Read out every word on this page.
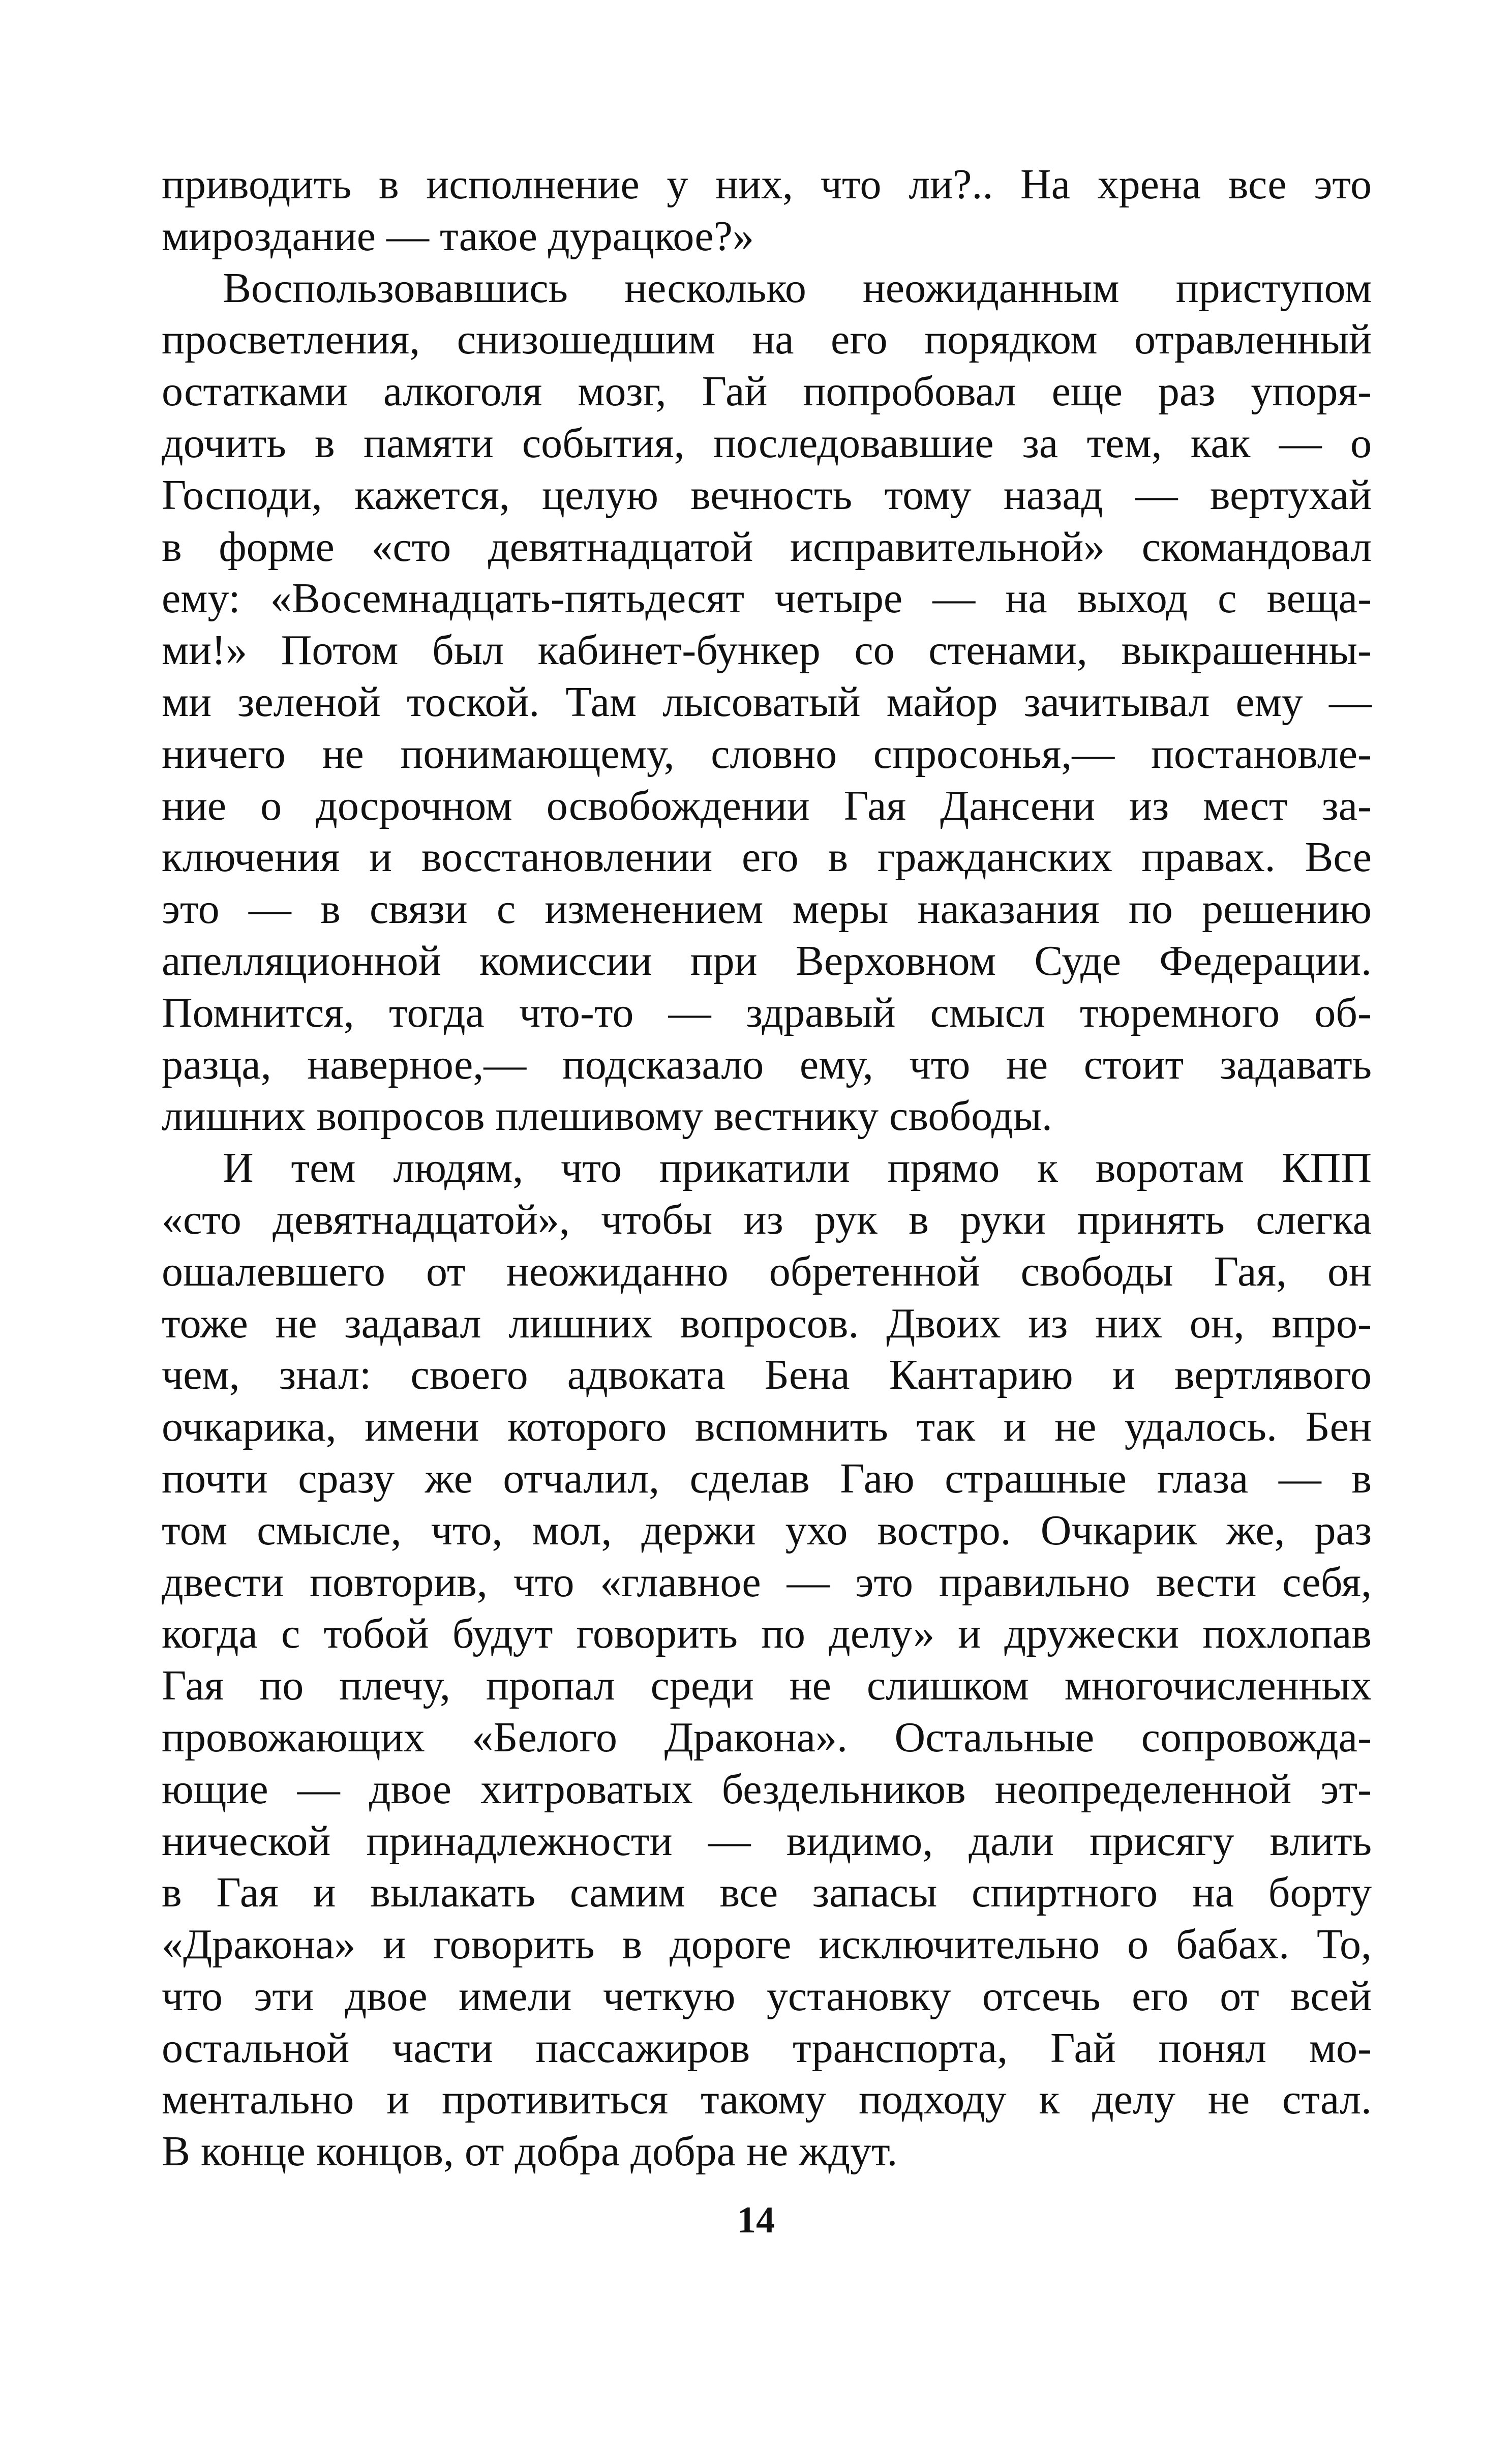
приводить в исполнение у них, что ли?.. На хрена все это
мироздание — такое дурацкое?»
Воспользовавшись несколько неожиданным приступом
просветления, снизошедшим на его порядком отравленный
остатками алкоголя мозг, Гай попробовал еще раз упоря-
дочить в памяти события, последовавшие за тем, как — о
Господи, кажется, целую вечность тому назад — вертухай
в форме «сто девятнадцатой исправительной» скомандовал
ему: «Восемнадцать-пятьдесят четыре — на выход с веща-
ми!» Потом был кабинет-бункер со стенами, выкрашенны-
ми зеленой тоской. Там лысоватый майор зачитывал ему —
ничего не понимающему, словно спросонья,— постановле-
ние о досрочном освобождении Гая Дансени из мест за-
ключения и восстановлении его в гражданских правах. Все
это — в связи с изменением меры наказания по решению
апелляционной комиссии при Верховном Суде Федерации.
Помнится, тогда что-то — здравый смысл тюремного об-
разца, наверное,— подсказало ему, что не стоит задавать
лишних вопросов плешивому вестнику свободы.
И тем людям, что прикатили прямо к воротам КПП
«сто девятнадцатой», чтобы из рук в руки принять слегка
ошалевшего от неожиданно обретенной свободы Гая, он
тоже не задавал лишних вопросов. Двоих из них он, впро-
чем, знал: своего адвоката Бена Кантарию и вертлявого
очкарика, имени которого вспомнить так и не удалось. Бен
почти сразу же отчалил, сделав Гаю страшные глаза — в
том смысле, что, мол, держи ухо востро. Очкарик же, раз
двести повторив, что «главное — это правильно вести себя,
когда с тобой будут говорить по делу» и дружески похлопав
Гая по плечу, пропал среди не слишком многочисленных
провожающих «Белого Дракона». Остальные сопровожда-
ющие — двое хитроватых бездельников неопределенной эт-
нической принадлежности — видимо, дали присягу влить
в Гая и вылакать самим все запасы спиртного на борту
«Дракона» и говорить в дороге исключительно о бабах. То,
что эти двое имели четкую установку отсечь его от всей
остальной части пассажиров транспорта, Гай понял мо-
ментально и противиться такому подходу к делу не стал.
В конце концов, от добра добра не ждут.
14
